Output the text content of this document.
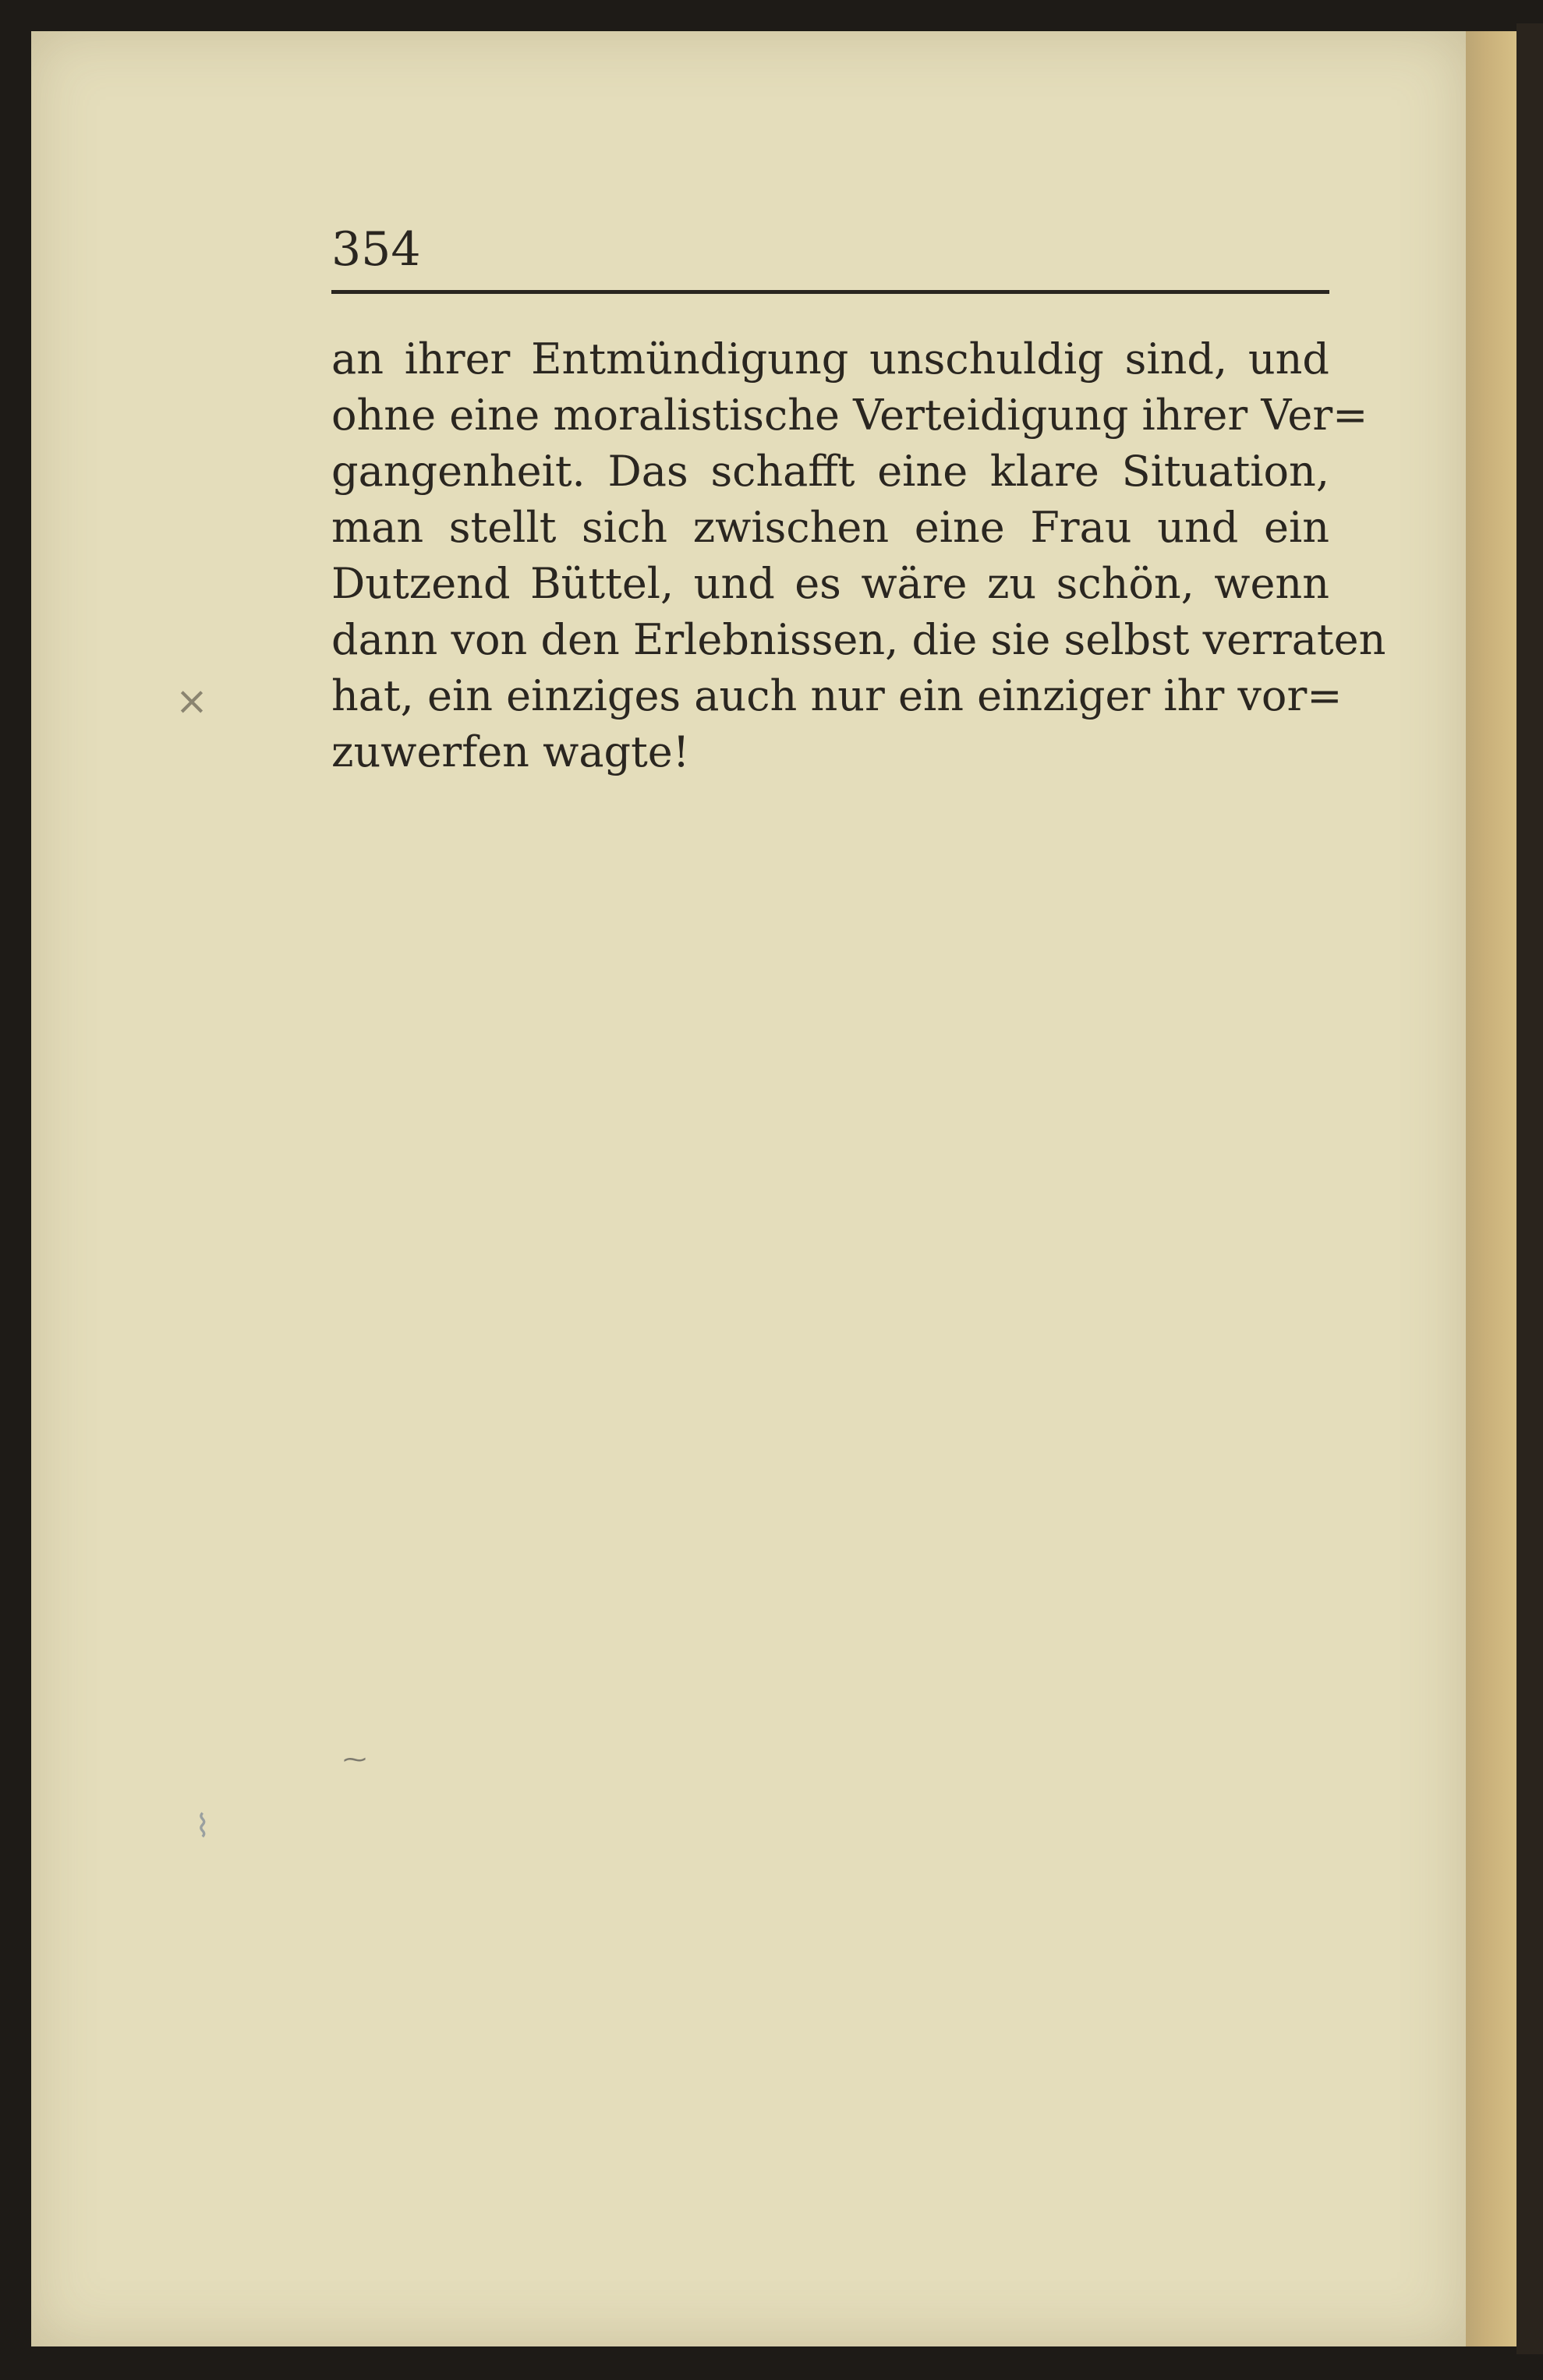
354
an ihrer Entmündigung unschuldig sind, und
ohne eine moralistische Verteidigung ihrer Ver=
gangenheit. Das schafft eine klare Situation,
man stellt sich zwischen eine Frau und ein
Dutzend Büttel, und es wäre zu schön, wenn
dann von den Erlebnissen, die sie selbst verraten
hat, ein einziges auch nur ein einziger ihr vor=
zuwerfen wagte!
×
⌇
⁓
